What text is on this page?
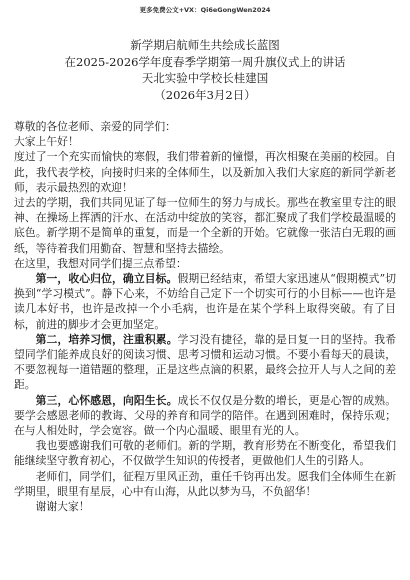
更多免费公文+VX：Qi6eGongWen2024
新学期启航师生共绘成长蓝图
在2025-2026学年度春季学期第一周升旗仪式上的讲话
天北实验中学校长桂建国
（2026年3月2日）

尊敬的各位老师、亲爱的同学们：

大家上午好！

度过了一个充实而愉快的寒假，我们带着新的憧憬，再次相聚在美丽的校园。自此，我代表学校，向接时归来的全体师生，以及新加入我们大家庭的新同学新老师，表示最热烈的欢迎！

过去的学期，我们共同见证了每一位师生的努力与成长。那些在教室里专注的眼神、在操场上挥洒的汗水、在活动中绽放的笑容，都汇聚成了我们学校最温暖的底色。新学期不是简单的重复，而是一个全新的开始。它就像一张洁白无瑕的画纸，等待着我们用勤奋、智慧和坚持去描绘。

在这里，我想对同学们提三点希望：

第一，收心归位，确立目标。假期已经结束，希望大家迅速从“假期模式”切换到“学习模式”。静下心来，不妨给自己定下一个切实可行的小目标——也许是读几本好书，也许是改掉一个小毛病，也许是在某个学科上取得突破。有了目标，前进的脚步才会更加坚定。

第二，培养习惯，注重积累。学习没有捷径，靠的是日复一日的坚持。我希望同学们能养成良好的阅读习惯、思考习惯和运动习惯。不要小看每天的晨读，不要忽视每一道错题的整理，正是这些点滴的积累，最终会拉开人与人之间的差距。

第三，心怀感恩，向阳生长。成长不仅仅是分数的增长，更是心智的成熟。要学会感恩老师的教诲、父母的养育和同学的陪伴。在遇到困难时，保持乐观；在与人相处时，学会宽容。做一个内心温暖、眼里有光的人。

我也要感谢我们可敬的老师们。新的学期，教育形势在不断变化，希望我们能继续坚守教育初心，不仅做学生知识的传授者，更做他们人生的引路人。

老师们，同学们，征程万里风正劲，重任千钧再出发。愿我们全体师生在新学期里，眼里有星辰，心中有山海，从此以梦为马，不负韶华！

谢谢大家！
